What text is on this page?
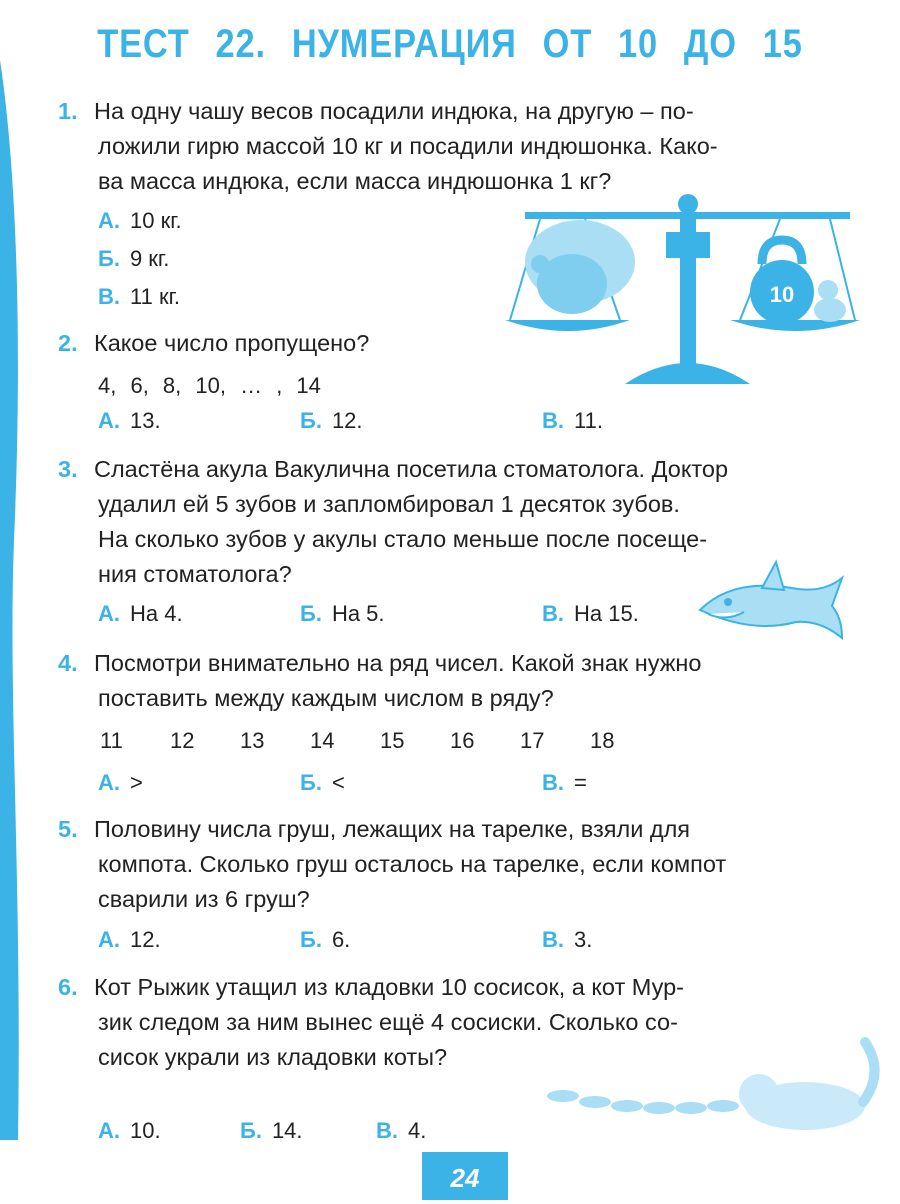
ТЕСТ 22. НУМЕРАЦИЯ ОТ 10 ДО 15
1. На одну чашу весов посадили индюка, на другую – по-
ложили гирю массой 10 кг и посадили индюшонка. Како-
ва масса индюка, если масса индюшонка 1 кг?
А. 10 кг.
Б. 9 кг.
В. 11 кг.	10
2. Какое число пропущено?
4, 6, 8, 10, … , 14
А. 13.	Б. 12.	В. 11.
3. Сластёна акула Вакулична посетила стоматолога. Доктор
удалил ей 5 зубов и запломбировал 1 десяток зубов.
На сколько зубов у акулы стало меньше после посеще-
ния стоматолога?
А. На 4.	Б. На 5.	В. На 15.
4. Посмотри внимательно на ряд чисел. Какой знак нужно
поставить между каждым числом в ряду?
11 12 13 14 15 16 17 18
А. >	Б. <	В. =
5. Половину числа груш, лежащих на тарелке, взяли для
компота. Сколько груш осталось на тарелке, если компот
сварили из 6 груш?
А. 12.	Б. 6.	В. 3.
6. Кот Рыжик утащил из кладовки 10 сосисок, а кот Мур-
зик следом за ним вынес ещё 4 сосиски. Сколько со-
сисок украли из кладовки коты?
А. 10.	Б. 14.	В. 4.
24
